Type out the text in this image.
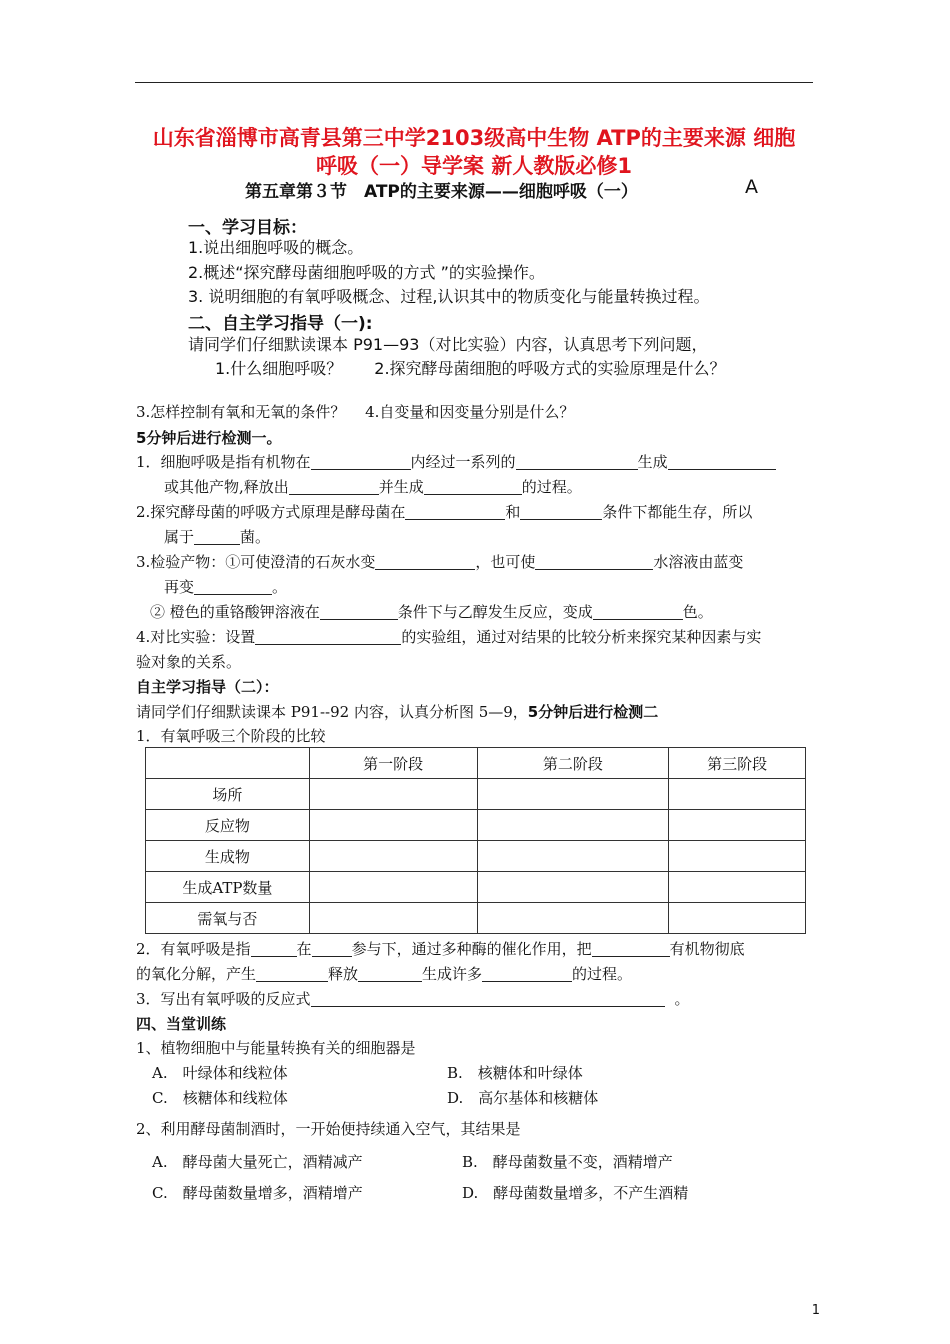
山东省淄博市高青县第三中学2103级高中生物 ATP的主要来源 细胞
呼吸（一）导学案 新人教版必修1
第五章第３节　ATP的主要来源——细胞呼吸（一）	A
一、学习目标：
1.说出细胞呼吸的概念。
2.概述“探究酵母菌细胞呼吸的方式 ”的实验操作。
3. 说明细胞的有氧呼吸概念、过程,认识其中的物质变化与能量转换过程。
二、自主学习指导（一):
请同学们仔细默读课本 P91—93（对比实验）内容，认真思考下列问题，
1.什么细胞呼吸？　　2.探究酵母菌细胞的呼吸方式的实验原理是什么？
3.怎样控制有氧和无氧的条件？　 4.自变量和因变量分别是什么？
5分钟后进行检测一。
1．细胞呼吸是指有机物在	内经过一系列的	生成
或其他产物,释放出	并生成	的过程。
2.探究酵母菌的呼吸方式原理是酵母菌在	和	条件下都能生存，所以
属于	菌。
3.检验产物：①可使澄清的石灰水变	，也可使	水溶液由蓝变
再变	。
② 橙色的重铬酸钾溶液在	条件下与乙醇发生反应，变成	色。
4.对比实验：设置	的实验组，通过对结果的比较分析来探究某种因素与实
验对象的关系。
自主学习指导（二）：
请同学们仔细默读课本 P91--92 内容，认真分析图 5—9，5分钟后进行检测二
1．有氧呼吸三个阶段的比较
	第一阶段	第二阶段	第三阶段
场所			
反应物			
生成物			
生成ATP数量			
需氧与否			
2．有氧呼吸是指	在	参与下，通过多种酶的催化作用，把	有机物彻底
的氧化分解，产生	释放	生成许多	的过程。
3．写出有氧呼吸的反应式	。
四、当堂训练
1、植物细胞中与能量转换有关的细胞器是
A.　叶绿体和线粒体	B.　核糖体和叶绿体
C.　核糖体和线粒体	D.　高尔基体和核糖体
2、利用酵母菌制酒时，一开始便持续通入空气，其结果是
A.　酵母菌大量死亡，酒精减产	B.　酵母菌数量不变，酒精增产
C.　酵母菌数量增多，酒精增产	D.　酵母菌数量增多，不产生酒精
1
